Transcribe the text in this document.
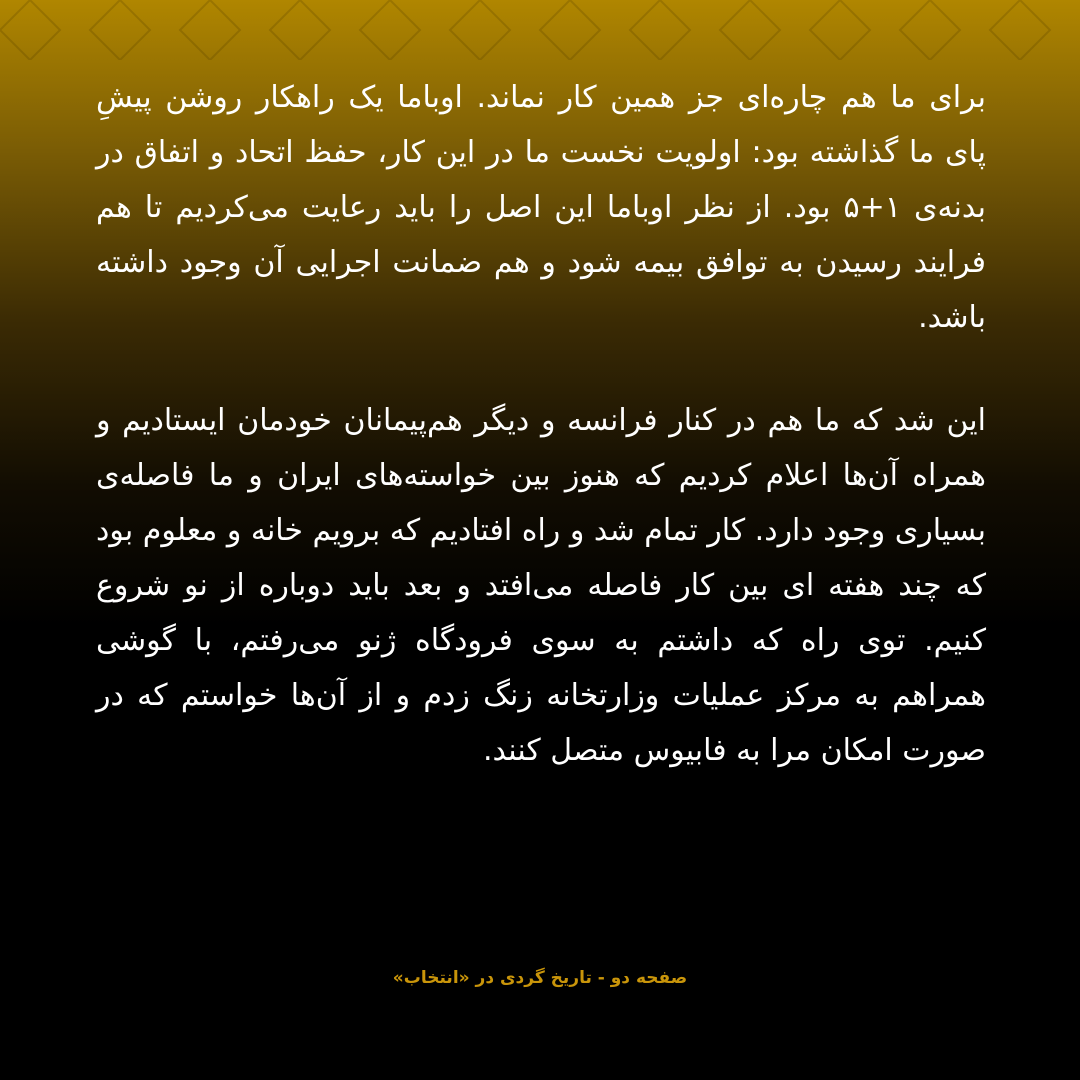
برای ما هم چاره‌ای جز همین کار نماند. اوباما یک راهکار روشن پیشِ پای ما گذاشته بود: اولویت نخست ما در این کار، حفظ اتحاد و اتفاق در بدنه‌ی ۱+۵ بود. از نظر اوباما این اصل را باید رعایت می‌کردیم تا هم فرایند رسیدن به توافق بیمه شود و هم ضمانت اجرایی آن وجود داشته باشد.

این شد که ما هم در کنار فرانسه و دیگر هم‌پیمانان خودمان ایستادیم و همراه آن‌ها اعلام کردیم که هنوز بین خواسته‌های ایران و ما فاصله‌ی بسیاری وجود دارد. کار تمام شد و راه افتادیم که برویم خانه و معلوم بود که چند هفته ای بین کار فاصله می‌افتد و بعد باید دوباره از نو شروع کنیم. توی راه که داشتم به سوی فرودگاه ژنو می‌رفتم، با گوشی همراهم به مرکز عملیات وزارتخانه زنگ زدم و از آن‌ها خواستم که در صورت امکان مرا به فابیوس متصل کنند.

صفحه دو - تاریخ گردی در «انتخاب»
